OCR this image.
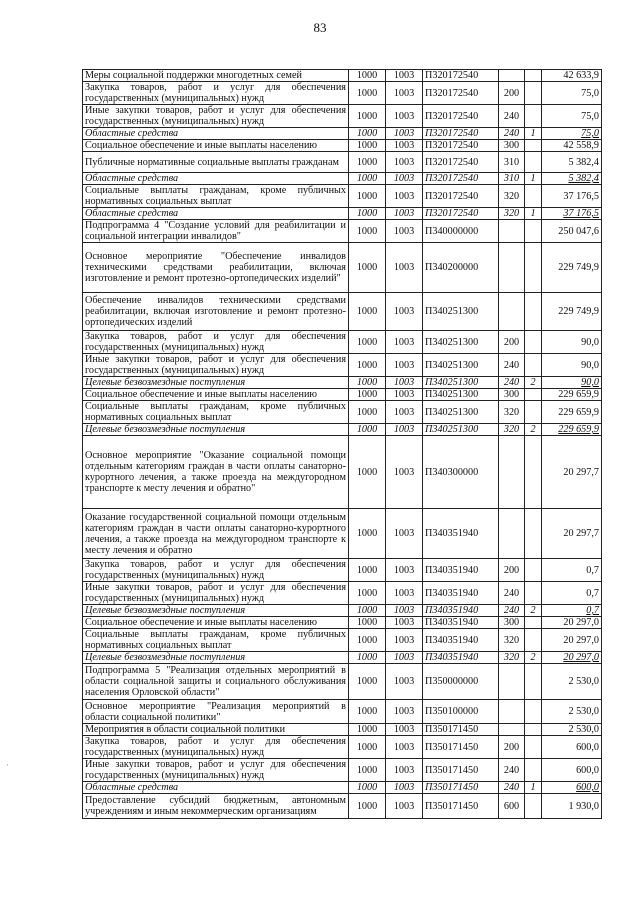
83
Меры социальной поддержки многодетных семей	1000	1003	П320172540			42 633,9
Закупка товаров, работ и услуг для обеспечения государственных (муниципальных) нужд	1000	1003	П320172540	200		75,0
Иные закупки товаров, работ и услуг для обеспечения государственных (муниципальных) нужд	1000	1003	П320172540	240		75,0
Областные средства	1000	1003	П320172540	240	1	75,0
Социальное обеспечение и иные выплаты населению	1000	1003	П320172540	300		42 558,9
Публичные нормативные социальные выплаты гражданам	1000	1003	П320172540	310		5 382,4
Областные средства	1000	1003	П320172540	310	1	5 382,4
Социальные выплаты гражданам, кроме публичных нормативных социальных выплат	1000	1003	П320172540	320		37 176,5
Областные средства	1000	1003	П320172540	320	1	37 176,5
Подпрограмма 4 "Создание условий для реабилитации и социальной интеграции инвалидов"	1000	1003	П340000000			250 047,6
Основное мероприятие "Обеспечение инвалидов техническими средствами реабилитации, включая изготовление и ремонт протезно-ортопедических изделий"	1000	1003	П340200000			229 749,9
Обеспечение инвалидов техническими средствами реабилитации, включая изготовление и ремонт протезно-ортопедических изделий	1000	1003	П340251300			229 749,9
Закупка товаров, работ и услуг для обеспечения государственных (муниципальных) нужд	1000	1003	П340251300	200		90,0
Иные закупки товаров, работ и услуг для обеспечения государственных (муниципальных) нужд	1000	1003	П340251300	240		90,0
Целевые безвозмездные поступления	1000	1003	П340251300	240	2	90,0
Социальное обеспечение и иные выплаты населению	1000	1003	П340251300	300		229 659,9
Социальные выплаты гражданам, кроме публичных нормативных социальных выплат	1000	1003	П340251300	320		229 659,9
Целевые безвозмездные поступления	1000	1003	П340251300	320	2	229 659,9
Основное мероприятие "Оказание социальной помощи отдельным категориям граждан в части оплаты санаторно-курортного лечения, а также проезда на междугородном транспорте к месту лечения и обратно"	1000	1003	П340300000			20 297,7
Оказание государственной социальной помощи отдельным категориям граждан в части оплаты санаторно-курортного лечения, а также проезда на междугородном транспорте к месту лечения и обратно	1000	1003	П340351940			20 297,7
Закупка товаров, работ и услуг для обеспечения государственных (муниципальных) нужд	1000	1003	П340351940	200		0,7
Иные закупки товаров, работ и услуг для обеспечения государственных (муниципальных) нужд	1000	1003	П340351940	240		0,7
Целевые безвозмездные поступления	1000	1003	П340351940	240	2	0,7
Социальное обеспечение и иные выплаты населению	1000	1003	П340351940	300		20 297,0
Социальные выплаты гражданам, кроме публичных нормативных социальных выплат	1000	1003	П340351940	320		20 297,0
Целевые безвозмездные поступления	1000	1003	П340351940	320	2	20 297,0
Подпрограмма 5 "Реализация отдельных мероприятий в области социальной защиты и социального обслуживания населения Орловской области"	1000	1003	П350000000			2 530,0
Основное мероприятие "Реализация мероприятий в области социальной политики"	1000	1003	П350100000			2 530,0
Мероприятия в области социальной политики	1000	1003	П350171450			2 530,0
Закупка товаров, работ и услуг для обеспечения государственных (муниципальных) нужд	1000	1003	П350171450	200		600,0
Иные закупки товаров, работ и услуг для обеспечения государственных (муниципальных) нужд	1000	1003	П350171450	240		600,0
Областные средства	1000	1003	П350171450	240	1	600,0
Предоставление субсидий бюджетным, автономным учреждениям и иным некоммерческим организациям	1000	1003	П350171450	600		1 930,0
·
